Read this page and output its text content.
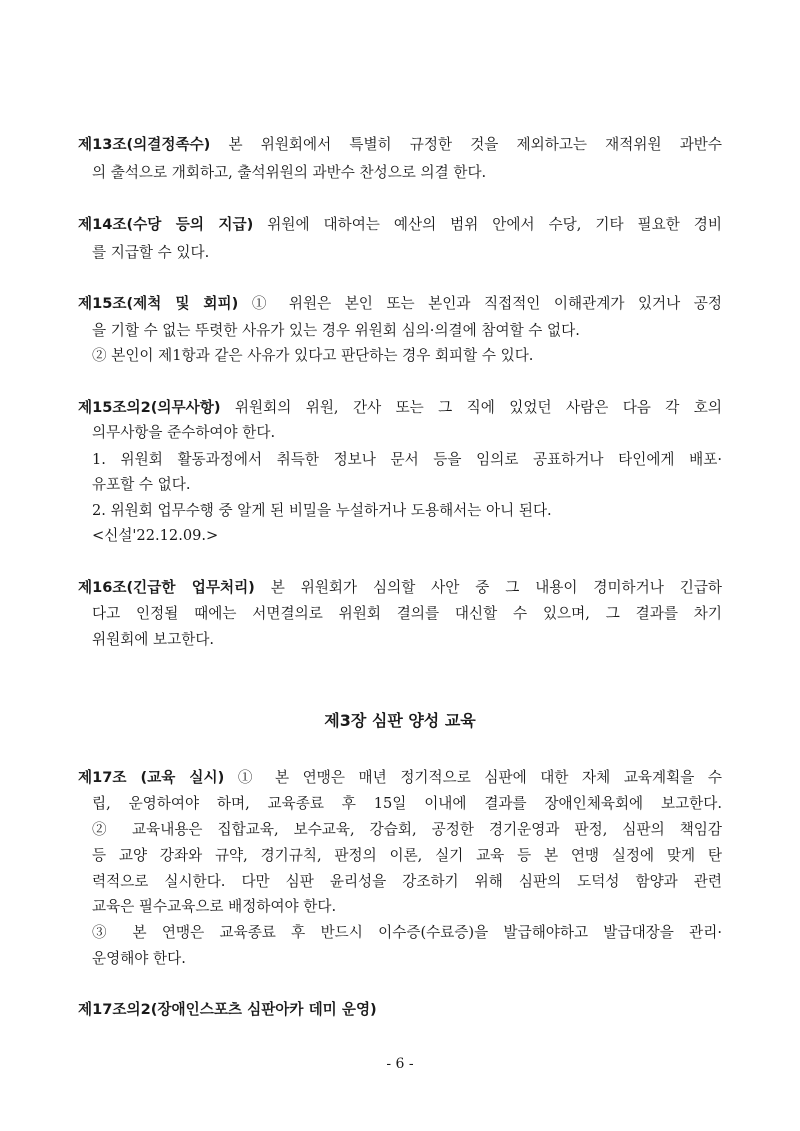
제13조(의결정족수) 본 위원회에서 특별히 규정한 것을 제외하고는 재적위원 과반수
의 출석으로 개회하고, 출석위원의 과반수 찬성으로 의결 한다.
제14조(수당 등의 지급) 위원에 대하여는 예산의 범위 안에서 수당, 기타 필요한 경비
를 지급할 수 있다.
제15조(제척 및 회피) ① 위원은 본인 또는 본인과 직접적인 이해관계가 있거나 공정
을 기할 수 없는 뚜렷한 사유가 있는 경우 위원회 심의·의결에 참여할 수 없다.
② 본인이 제1항과 같은 사유가 있다고 판단하는 경우 회피할 수 있다.
제15조의2(의무사항) 위원회의 위원, 간사 또는 그 직에 있었던 사람은 다음 각 호의
의무사항을 준수하여야 한다.
1. 위원회 활동과정에서 취득한 정보나 문서 등을 임의로 공표하거나 타인에게 배포·
유포할 수 없다.
2. 위원회 업무수행 중 알게 된 비밀을 누설하거나 도용해서는 아니 된다.
<신설'22.12.09.>
제16조(긴급한 업무처리) 본 위원회가 심의할 사안 중 그 내용이 경미하거나 긴급하
다고 인정될 때에는 서면결의로 위원회 결의를 대신할 수 있으며, 그 결과를 차기
위원회에 보고한다.
제3장 심판 양성 교육
제17조 (교육 실시) ① 본 연맹은 매년 정기적으로 심판에 대한 자체 교육계획을 수
립, 운영하여야 하며, 교육종료 후 15일 이내에 결과를 장애인체육회에 보고한다.
② 교육내용은 집합교육, 보수교육, 강습회, 공정한 경기운영과 판정, 심판의 책임감
등 교양 강좌와 규약, 경기규칙, 판정의 이론, 실기 교육 등 본 연맹 실정에 맞게 탄
력적으로 실시한다. 다만 심판 윤리성을 강조하기 위해 심판의 도덕성 함양과 관련
교육은 필수교육으로 배정하여야 한다.
③ 본 연맹은 교육종료 후 반드시 이수증(수료증)을 발급해야하고 발급대장을 관리·
운영해야 한다.
제17조의2(장애인스포츠 심판아카 데미 운영)
- 6 -
